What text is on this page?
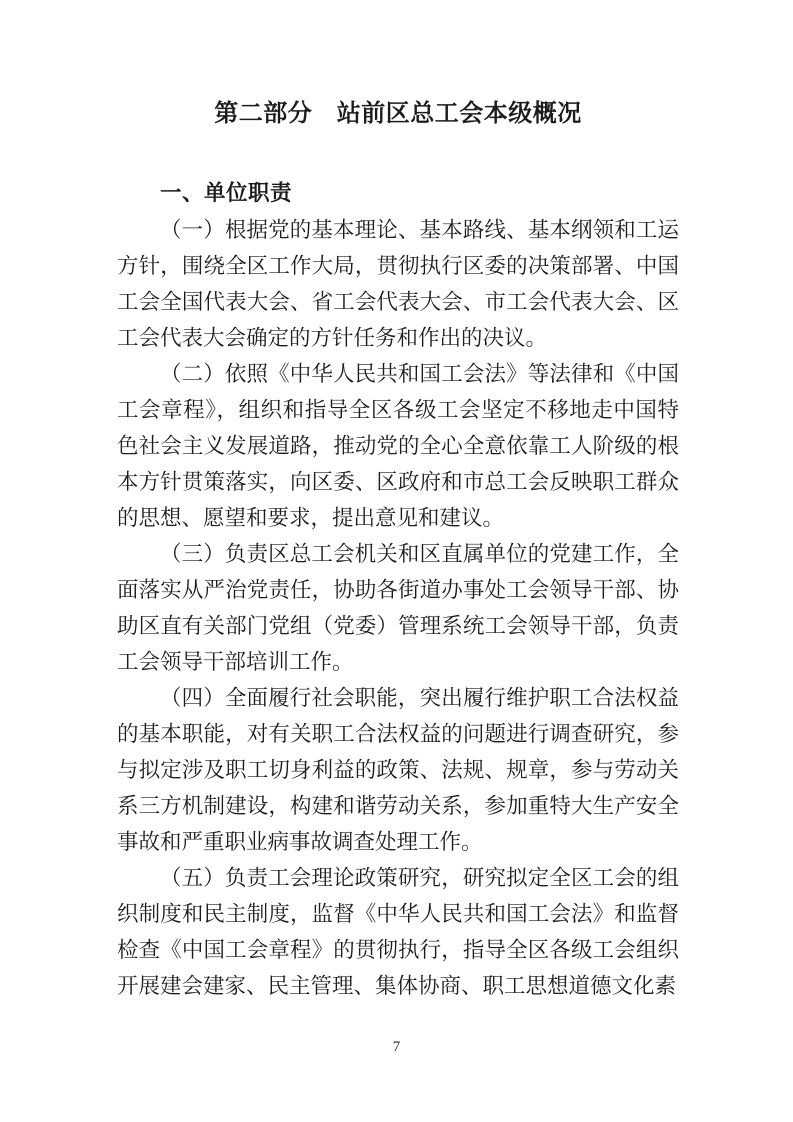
第二部分　站前区总工会本级概况
一、单位职责

（一）根据党的基本理论、基本路线、基本纲领和工运方针，围绕全区工作大局，贯彻执行区委的决策部署、中国工会全国代表大会、省工会代表大会、市工会代表大会、区工会代表大会确定的方针任务和作出的决议。

（二）依照《中华人民共和国工会法》等法律和《中国工会章程》，组织和指导全区各级工会坚定不移地走中国特色社会主义发展道路，推动党的全心全意依靠工人阶级的根本方针贯策落实，向区委、区政府和市总工会反映职工群众的思想、愿望和要求，提出意见和建议。

（三）负责区总工会机关和区直属单位的党建工作，全面落实从严治党责任，协助各街道办事处工会领导干部、协助区直有关部门党组（党委）管理系统工会领导干部，负责工会领导干部培训工作。

（四）全面履行社会职能，突出履行维护职工合法权益的基本职能，对有关职工合法权益的问题进行调查研究，参与拟定涉及职工切身利益的政策、法规、规章，参与劳动关系三方机制建设，构建和谐劳动关系，参加重特大生产安全事故和严重职业病事故调查处理工作。

（五）负责工会理论政策研究，研究拟定全区工会的组织制度和民主制度，监督《中华人民共和国工会法》和监督检查《中国工会章程》的贯彻执行，指导全区各级工会组织开展建会建家、民主管理、集体协商、职工思想道德文化素

7
